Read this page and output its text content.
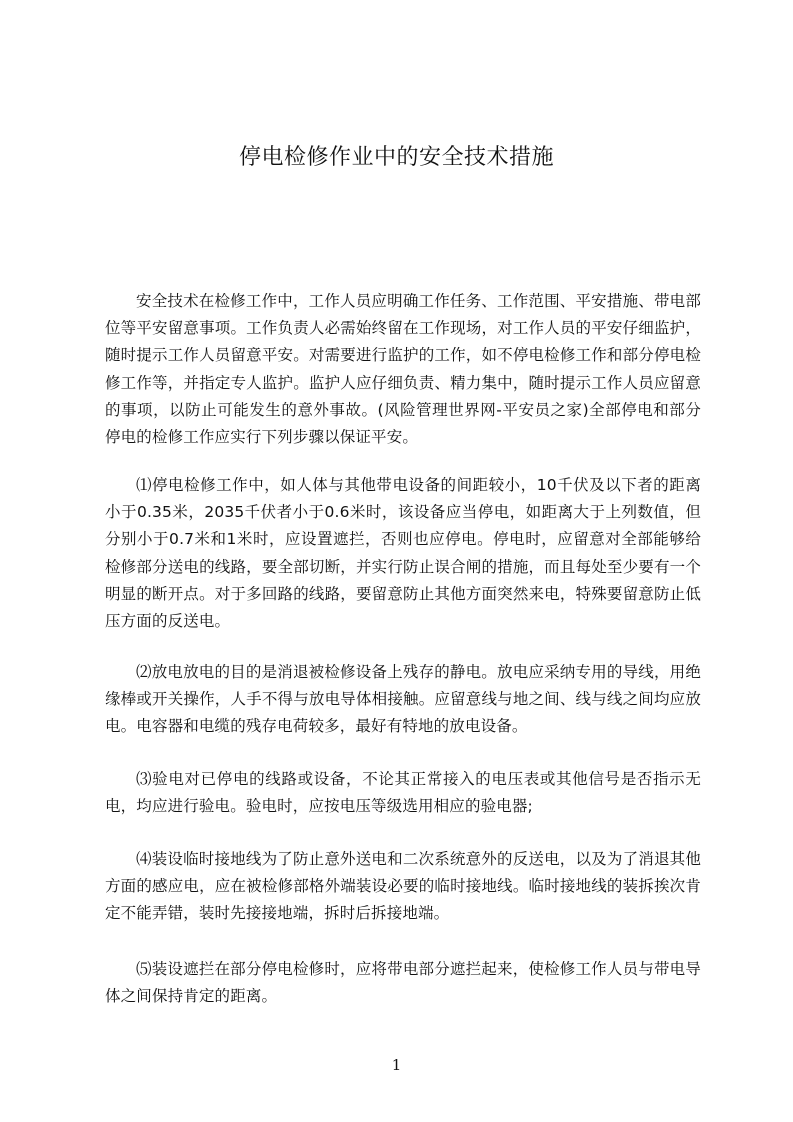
停电检修作业中的安全技术措施

安全技术在检修工作中，工作人员应明确工作任务、工作范围、平安措施、带电部位等平安留意事项。工作负责人必需始终留在工作现场，对工作人员的平安仔细监护，随时提示工作人员留意平安。对需要进行监护的工作，如不停电检修工作和部分停电检修工作等，并指定专人监护。监护人应仔细负责、精力集中，随时提示工作人员应留意的事项，以防止可能发生的意外事故。(风险管理世界网-平安员之家)全部停电和部分停电的检修工作应实行下列步骤以保证平安。

⑴停电检修工作中，如人体与其他带电设备的间距较小，10千伏及以下者的距离小于0.35米，2035千伏者小于0.6米时，该设备应当停电，如距离大于上列数值，但分别小于0.7米和1米时，应设置遮拦，否则也应停电。停电时，应留意对全部能够给检修部分送电的线路，要全部切断，并实行防止误合闸的措施，而且每处至少要有一个明显的断开点。对于多回路的线路，要留意防止其他方面突然来电，特殊要留意防止低压方面的反送电。

⑵放电放电的目的是消退被检修设备上残存的静电。放电应采纳专用的导线，用绝缘棒或开关操作，人手不得与放电导体相接触。应留意线与地之间、线与线之间均应放电。电容器和电缆的残存电荷较多，最好有特地的放电设备。

⑶验电对已停电的线路或设备，不论其正常接入的电压表或其他信号是否指示无电，均应进行验电。验电时，应按电压等级选用相应的验电器;

⑷装设临时接地线为了防止意外送电和二次系统意外的反送电，以及为了消退其他方面的感应电，应在被检修部格外端装设必要的临时接地线。临时接地线的装拆挨次肯定不能弄错，装时先接接地端，拆时后拆接地端。

⑸装设遮拦在部分停电检修时，应将带电部分遮拦起来，使检修工作人员与带电导体之间保持肯定的距离。

1
